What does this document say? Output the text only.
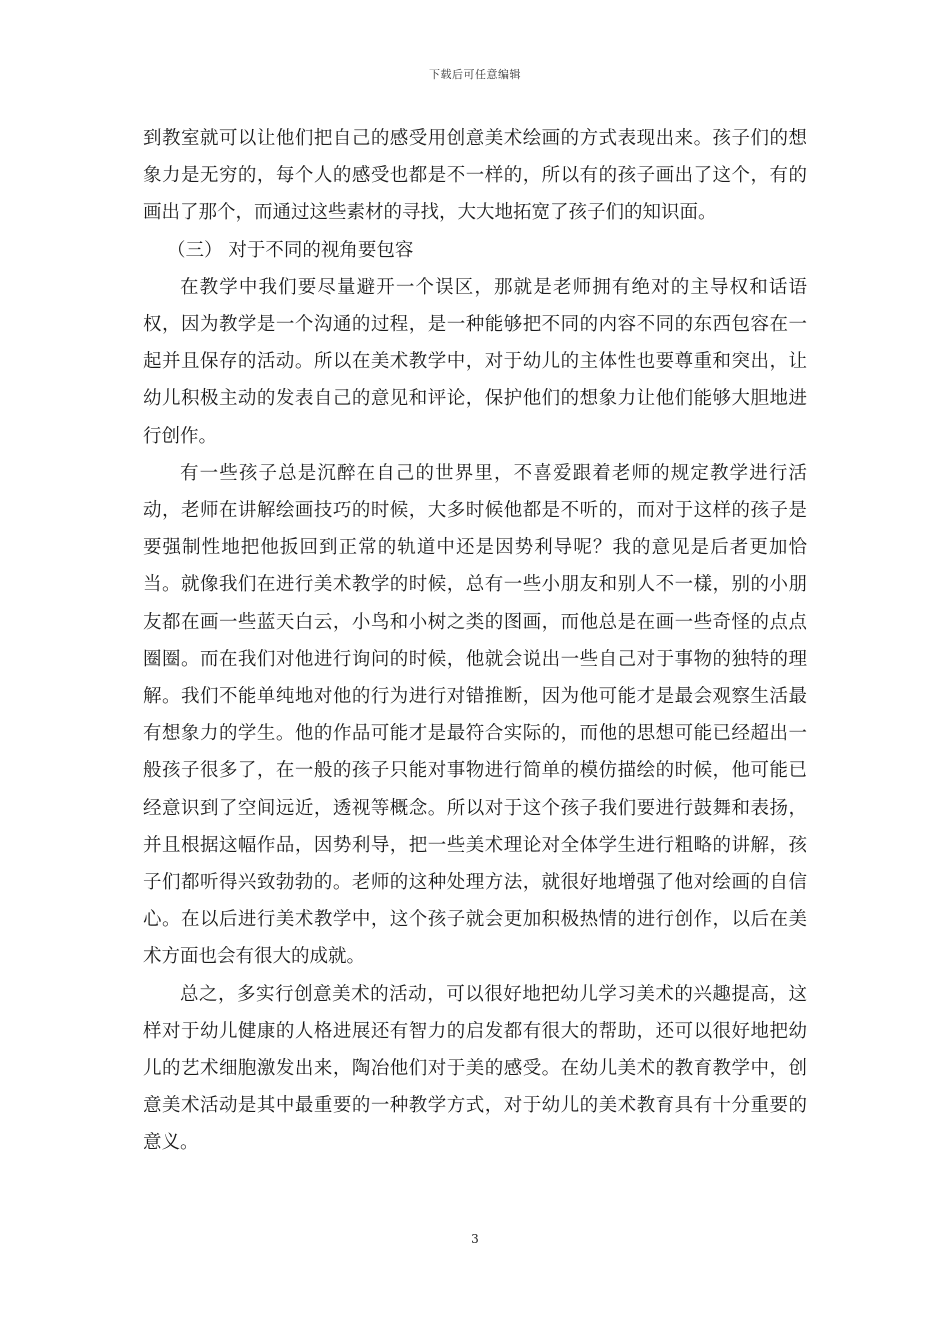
下载后可任意编辑

到教室就可以让他们把自己的感受用创意美术绘画的方式表现出来。孩子们的想象力是无穷的，每个人的感受也都是不一样的，所以有的孩子画出了这个，有的画出了那个，而通过这些素材的寻找，大大地拓宽了孩子们的知识面。

（三） 对于不同的视角要包容

在教学中我们要尽量避开一个误区，那就是老师拥有绝对的主导权和话语权，因为教学是一个沟通的过程，是一种能够把不同的内容不同的东西包容在一起并且保存的活动。所以在美术教学中，对于幼儿的主体性也要尊重和突出，让幼儿积极主动的发表自己的意见和评论，保护他们的想象力让他们能够大胆地进行创作。

有一些孩子总是沉醉在自己的世界里，不喜爱跟着老师的规定教学进行活动，老师在讲解绘画技巧的时候，大多时候他都是不听的，而对于这样的孩子是要强制性地把他扳回到正常的轨道中还是因势利导呢？我的意见是后者更加恰当。就像我们在进行美术教学的时候，总有一些小朋友和别人不一樣，别的小朋友都在画一些蓝天白云，小鸟和小树之类的图画，而他总是在画一些奇怪的点点圈圈。而在我们对他进行询问的时候，他就会说出一些自己对于事物的独特的理解。我们不能单纯地对他的行为进行对错推断，因为他可能才是最会观察生活最有想象力的学生。他的作品可能才是最符合实际的，而他的思想可能已经超出一般孩子很多了，在一般的孩子只能对事物进行简单的模仿描绘的时候，他可能已经意识到了空间远近，透视等概念。所以对于这个孩子我们要进行鼓舞和表扬，并且根据这幅作品，因势利导，把一些美术理论对全体学生进行粗略的讲解，孩子们都听得兴致勃勃的。老师的这种处理方法，就很好地增强了他对绘画的自信心。在以后进行美术教学中，这个孩子就会更加积极热情的进行创作，以后在美术方面也会有很大的成就。

总之，多实行创意美术的活动，可以很好地把幼儿学习美术的兴趣提高，这样对于幼儿健康的人格进展还有智力的启发都有很大的帮助，还可以很好地把幼儿的艺术细胞激发出来，陶冶他们对于美的感受。在幼儿美术的教育教学中，创意美术活动是其中最重要的一种教学方式，对于幼儿的美术教育具有十分重要的意义。

3
